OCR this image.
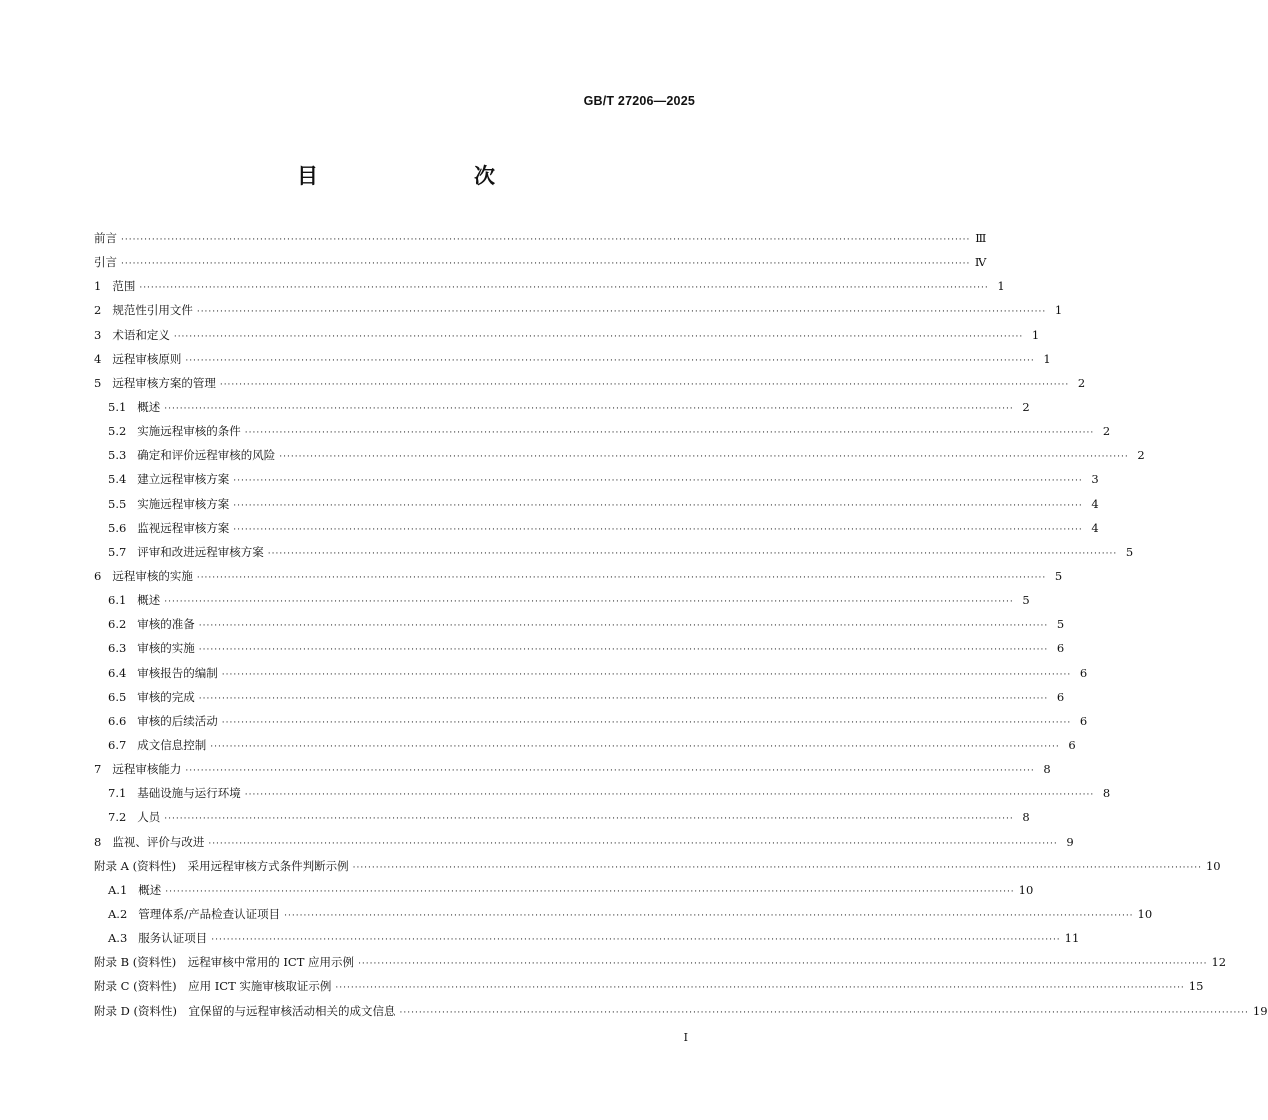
GB/T 27206—2025
目　　次
前言 ···························································································································································································································· Ⅲ
引言 ···························································································································································································································· Ⅳ
1 范围 ···························································································································································································································· 1
2 规范性引用文件 ···························································································································································································································· 1
3 术语和定义 ···························································································································································································································· 1
4 远程审核原则 ···························································································································································································································· 1
5 远程审核方案的管理 ···························································································································································································································· 2
5.1 概述 ···························································································································································································································· 2
5.2 实施远程审核的条件 ···························································································································································································································· 2
5.3 确定和评价远程审核的风险 ···························································································································································································································· 2
5.4 建立远程审核方案 ···························································································································································································································· 3
5.5 实施远程审核方案 ···························································································································································································································· 4
5.6 监视远程审核方案 ···························································································································································································································· 4
5.7 评审和改进远程审核方案 ···························································································································································································································· 5
6 远程审核的实施 ···························································································································································································································· 5
6.1 概述 ···························································································································································································································· 5
6.2 审核的准备 ···························································································································································································································· 5
6.3 审核的实施 ···························································································································································································································· 6
6.4 审核报告的编制 ···························································································································································································································· 6
6.5 审核的完成 ···························································································································································································································· 6
6.6 审核的后续活动 ···························································································································································································································· 6
6.7 成文信息控制 ···························································································································································································································· 6
7 远程审核能力 ···························································································································································································································· 8
7.1 基础设施与运行环境 ···························································································································································································································· 8
7.2 人员 ···························································································································································································································· 8
8 监视、评价与改进 ···························································································································································································································· 9
附录 A (资料性)　采用远程审核方式条件判断示例 ···························································································································································································································· 10
A.1 概述 ···························································································································································································································· 10
A.2 管理体系/产品检查认证项目 ···························································································································································································································· 10
A.3 服务认证项目 ···························································································································································································································· 11
附录 B (资料性)　远程审核中常用的 ICT 应用示例 ···························································································································································································································· 12
附录 C (资料性)　应用 ICT 实施审核取证示例 ···························································································································································································································· 15
附录 D (资料性)　宜保留的与远程审核活动相关的成文信息 ···························································································································································································································· 19
I
